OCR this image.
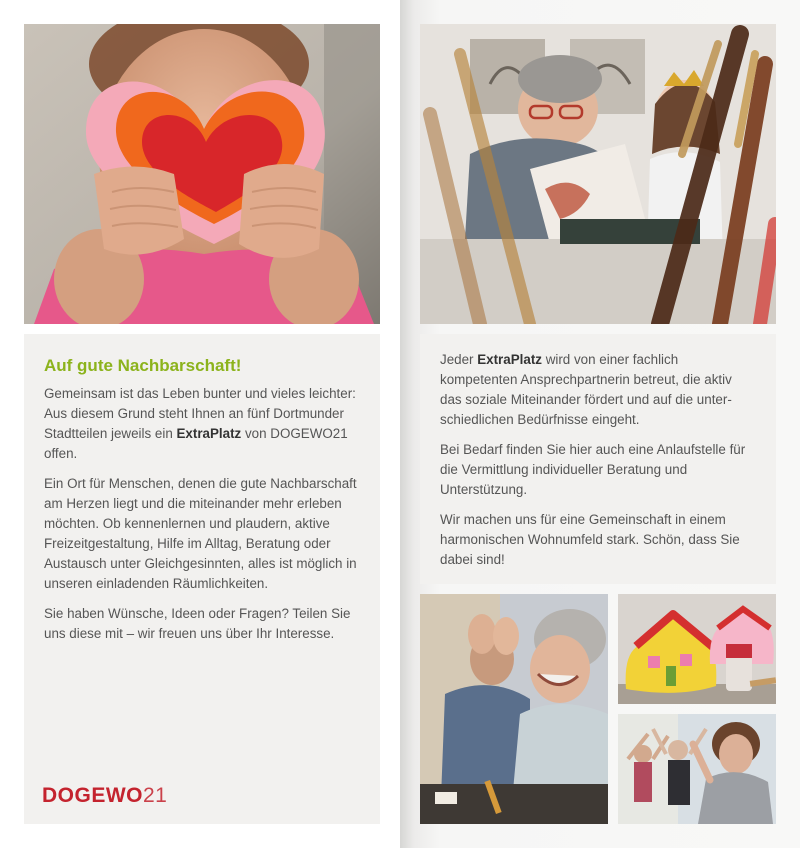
Auf gute Nachbarschaft!

Gemeinsam ist das Leben bunter und vieles leichter: Aus diesem Grund steht Ihnen an fünf Dortmunder Stadtteilen jeweils ein ExtraPlatz von DOGEWO21 offen.

Ein Ort für Menschen, denen die gute Nachbarschaft am Herzen liegt und die miteinander mehr erleben möchten. Ob kennenlernen und plaudern, aktive Freizeitgestaltung, Hilfe im Alltag, Beratung oder Austausch unter Gleichgesinnten, alles ist möglich in unseren einladenden Räumlichkeiten.

Sie haben Wünsche, Ideen oder Fragen? Teilen Sie uns diese mit – wir freuen uns über Ihr Interesse.

DOGEWO21

Jeder ExtraPlatz wird von einer fachlich kompetenten Ansprechpartnerin betreut, die aktiv das soziale Miteinander fördert und auf die unterschiedlichen Bedürfnisse eingeht.

Bei Bedarf finden Sie hier auch eine Anlaufstelle für die Vermittlung individueller Beratung und Unterstützung.

Wir machen uns für eine Gemeinschaft in einem harmonischen Wohnumfeld stark. Schön, dass Sie dabei sind!
